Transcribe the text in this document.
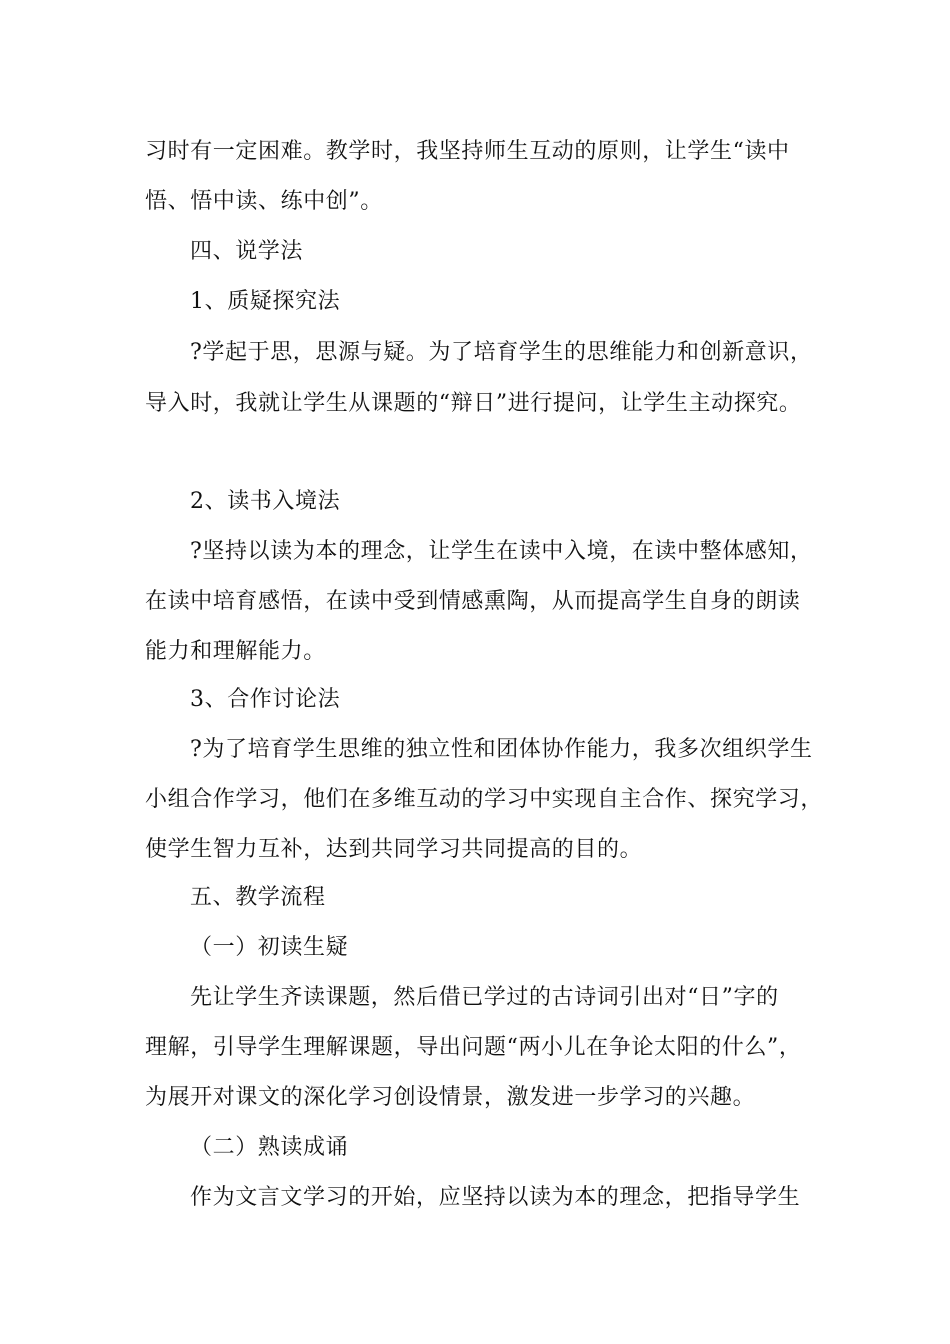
习时有一定困难。教学时，我坚持师生互动的原则，让学生“读中
悟、悟中读、练中创”。
四、说学法
1、质疑探究法
?学起于思，思源与疑。为了培育学生的思维能力和创新意识，
导入时，我就让学生从课题的“辩日”进行提问，让学生主动探究。
2、读书入境法
?坚持以读为本的理念，让学生在读中入境，在读中整体感知，
在读中培育感悟，在读中受到情感熏陶，从而提高学生自身的朗读
能力和理解能力。
3、合作讨论法
?为了培育学生思维的独立性和团体协作能力，我多次组织学生
小组合作学习，他们在多维互动的学习中实现自主合作、探究学习，
使学生智力互补，达到共同学习共同提高的目的。
五、教学流程
（一）初读生疑
先让学生齐读课题，然后借已学过的古诗词引出对“日”字的
理解，引导学生理解课题，导出问题“两小儿在争论太阳的什么”，
为展开对课文的深化学习创设情景，激发进一步学习的兴趣。
（二）熟读成诵
作为文言文学习的开始，应坚持以读为本的理念，把指导学生
